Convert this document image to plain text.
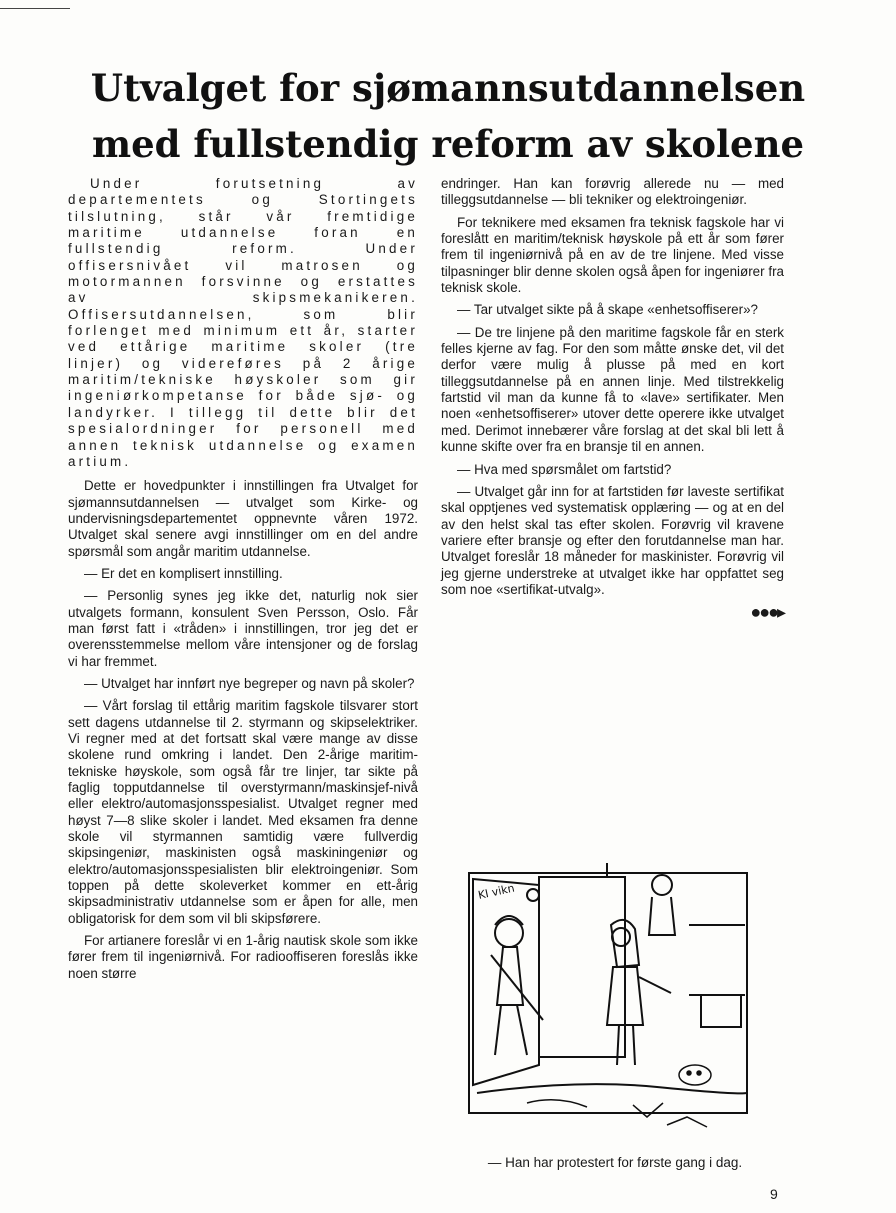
Utvalget for sjømannsutdannelsen
med fullstendig reform av skolene

Under forutsetning av departementets og Stortingets tilslutning, står vår fremtidige maritime utdannelse foran en fullstendig reform. Under offisersnivået vil matrosen og motormannen forsvinne og erstattes av skipsmekanikeren. Offisersutdannelsen, som blir forlenget med minimum ett år, starter ved ettårige maritime skoler (tre linjer) og videreføres på 2 årige maritim/tekniske høyskoler som gir ingeniørkompetanse for både sjø- og landyrker. I tillegg til dette blir det spesialordninger for personell med annen teknisk utdannelse og examen artium.

Dette er hovedpunkter i innstillingen fra Utvalget for sjømannsutdannelsen — utvalget som Kirke- og undervisningsdepartementet oppnevnte våren 1972. Utvalget skal senere avgi innstillinger om en del andre spørsmål som angår maritim utdannelse.

— Er det en komplisert innstilling.

— Personlig synes jeg ikke det, naturlig nok sier utvalgets formann, konsulent Sven Persson, Oslo. Får man først fatt i «tråden» i innstillingen, tror jeg det er overensstemmelse mellom våre intensjoner og de forslag vi har fremmet.

— Utvalget har innført nye begreper og navn på skoler?

— Vårt forslag til ettårig maritim fagskole tilsvarer stort sett dagens utdannelse til 2. styrmann og skipselektriker. Vi regner med at det fortsatt skal være mange av disse skolene rund omkring i landet. Den 2-årige maritim-tekniske høyskole, som også får tre linjer, tar sikte på faglig topputdannelse til overstyrmann/maskinsjef-nivå eller elektro/automasjonsspesialist. Utvalget regner med høyst 7—8 slike skoler i landet. Med eksamen fra denne skole vil styrmannen samtidig være fullverdig skipsingeniør, maskinisten også maskiningeniør og elektro/automasjonsspesialisten blir elektroingeniør. Som toppen på dette skoleverket kommer en ett-årig skipsadministrativ utdannelse som er åpen for alle, men obligatorisk for dem som vil bli skipsførere.

For artianere foreslår vi en 1-årig nautisk skole som ikke fører frem til ingeniørnivå. For radiooffiseren foreslås ikke noen større

endringer. Han kan forøvrig allerede nu — med tilleggsutdannelse — bli tekniker og elektroingeniør.

For teknikere med eksamen fra teknisk fagskole har vi foreslått en maritim/teknisk høyskole på ett år som fører frem til ingeniørnivå på en av de tre linjene. Med visse tilpasninger blir denne skolen også åpen for ingeniører fra teknisk skole.

— Tar utvalget sikte på å skape «enhetsoffiserer»?

— De tre linjene på den maritime fagskole får en sterk felles kjerne av fag. For den som måtte ønske det, vil det derfor være mulig å plusse på med en kort tilleggsutdannelse på en annen linje. Med tilstrekkelig fartstid vil man da kunne få to «lave» sertifikater. Men noen «enhetsoffiserer» utover dette operere ikke utvalget med. Derimot innebærer våre forslag at det skal bli lett å kunne skifte over fra en bransje til en annen.

— Hva med spørsmålet om fartstid?

— Utvalget går inn for at fartstiden før laveste sertifikat skal opptjenes ved systematisk opplæring — og at en del av den helst skal tas efter skolen. Forøvrig vil kravene variere efter bransje og efter den forutdannelse man har. Utvalget foreslår 18 måneder for maskinister. Forøvrig vil jeg gjerne understreke at utvalget ikke har oppfattet seg som noe «sertifikat-utvalg».

●●●▸

KI vikn

— Han har protestert for første gang i dag.

9
